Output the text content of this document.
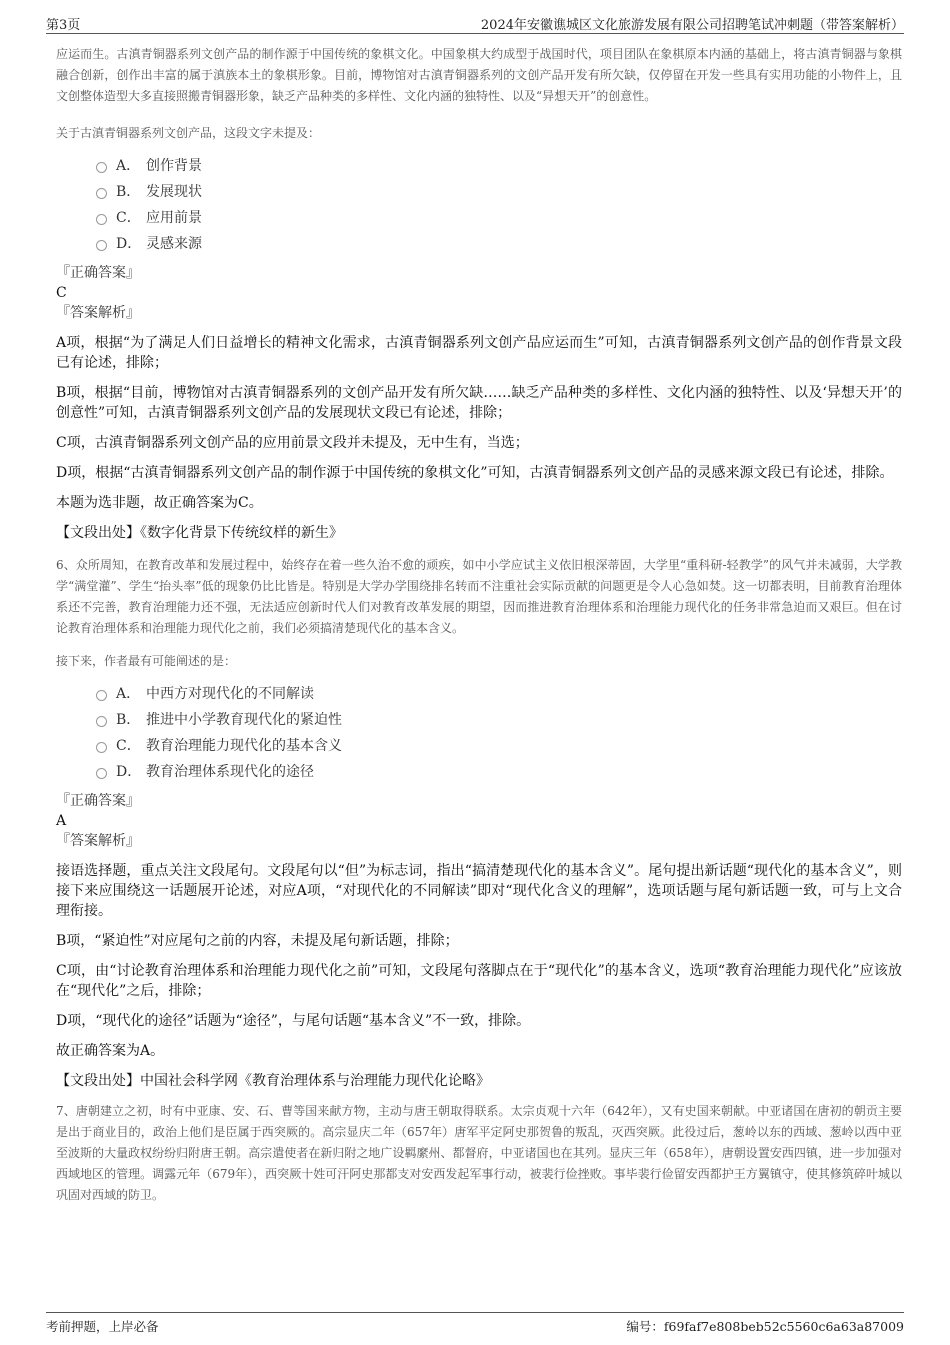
第3页	2024年安徽谯城区文化旅游发展有限公司招聘笔试冲刺题（带答案解析）

应运而生。古滇青铜器系列文创产品的制作源于中国传统的象棋文化。中国象棋大约成型于战国时代，项目团队在象棋原本内涵的基础上，将古滇青铜器与象棋融合创新，创作出丰富的属于滇族本土的象棋形象。目前，博物馆对古滇青铜器系列的文创产品开发有所欠缺，仅停留在开发一些具有实用功能的小物件上，且文创整体造型大多直接照搬青铜器形象，缺乏产品种类的多样性、文化内涵的独特性、以及“异想天开”的创意性。

关于古滇青铜器系列文创产品，这段文字未提及：

A． 创作背景
B． 发展现状
C． 应用前景
D． 灵感来源

『正确答案』

C

『答案解析』

A项，根据“为了满足人们日益增长的精神文化需求，古滇青铜器系列文创产品应运而生”可知，古滇青铜器系列文创产品的创作背景文段已有论述，排除；

B项，根据“目前，博物馆对古滇青铜器系列的文创产品开发有所欠缺……缺乏产品种类的多样性、文化内涵的独特性、以及‘异想天开’的创意性”可知，古滇青铜器系列文创产品的发展现状文段已有论述，排除；

C项，古滇青铜器系列文创产品的应用前景文段并未提及，无中生有，当选；

D项，根据“古滇青铜器系列文创产品的制作源于中国传统的象棋文化”可知，古滇青铜器系列文创产品的灵感来源文段已有论述，排除。

本题为选非题，故正确答案为C。

【文段出处】《数字化背景下传统纹样的新生》

6、众所周知，在教育改革和发展过程中，始终存在着一些久治不愈的顽疾，如中小学应试主义依旧根深蒂固，大学里“重科研-轻教学”的风气并未减弱，大学教学“满堂灌”、学生“抬头率”低的现象仍比比皆是。特别是大学办学围绕排名转而不注重社会实际贡献的问题更是令人心急如焚。这一切都表明，目前教育治理体系还不完善，教育治理能力还不强，无法适应创新时代人们对教育改革发展的期望，因而推进教育治理体系和治理能力现代化的任务非常急迫而又艰巨。但在讨论教育治理体系和治理能力现代化之前，我们必须搞清楚现代化的基本含义。

接下来，作者最有可能阐述的是：

A． 中西方对现代化的不同解读
B． 推进中小学教育现代化的紧迫性
C． 教育治理能力现代化的基本含义
D． 教育治理体系现代化的途径

『正确答案』

A

『答案解析』

接语选择题，重点关注文段尾句。文段尾句以“但”为标志词，指出“搞清楚现代化的基本含义”。尾句提出新话题“现代化的基本含义”，则接下来应围绕这一话题展开论述，对应A项，“对现代化的不同解读”即对“现代化含义的理解”，选项话题与尾句新话题一致，可与上文合理衔接。

B项，“紧迫性”对应尾句之前的内容，未提及尾句新话题，排除；

C项，由“讨论教育治理体系和治理能力现代化之前”可知，文段尾句落脚点在于“现代化”的基本含义，选项“教育治理能力现代化”应该放在“现代化”之后，排除；

D项，“现代化的途径”话题为“途径”，与尾句话题“基本含义”不一致，排除。

故正确答案为A。

【文段出处】中国社会科学网《教育治理体系与治理能力现代化论略》

7、唐朝建立之初，时有中亚康、安、石、曹等国来献方物，主动与唐王朝取得联系。太宗贞观十六年（642年），又有史国来朝献。中亚诸国在唐初的朝贡主要是出于商业目的，政治上他们是臣属于西突厥的。高宗显庆二年（657年）唐军平定阿史那贺鲁的叛乱，灭西突厥。此役过后，葱岭以东的西域、葱岭以西中亚至波斯的大量政权纷纷归附唐王朝。高宗遣使者在新归附之地广设羁縻州、都督府，中亚诸国也在其列。显庆三年（658年），唐朝设置安西四镇，进一步加强对西域地区的管理。调露元年（679年），西突厥十姓可汗阿史那都支对安西发起军事行动，被裴行俭挫败。事毕裴行俭留安西都护王方翼镇守，使其修筑碎叶城以巩固对西域的防卫。

考前押题，上岸必备	编号：f69faf7e808beb52c5560c6a63a87009
